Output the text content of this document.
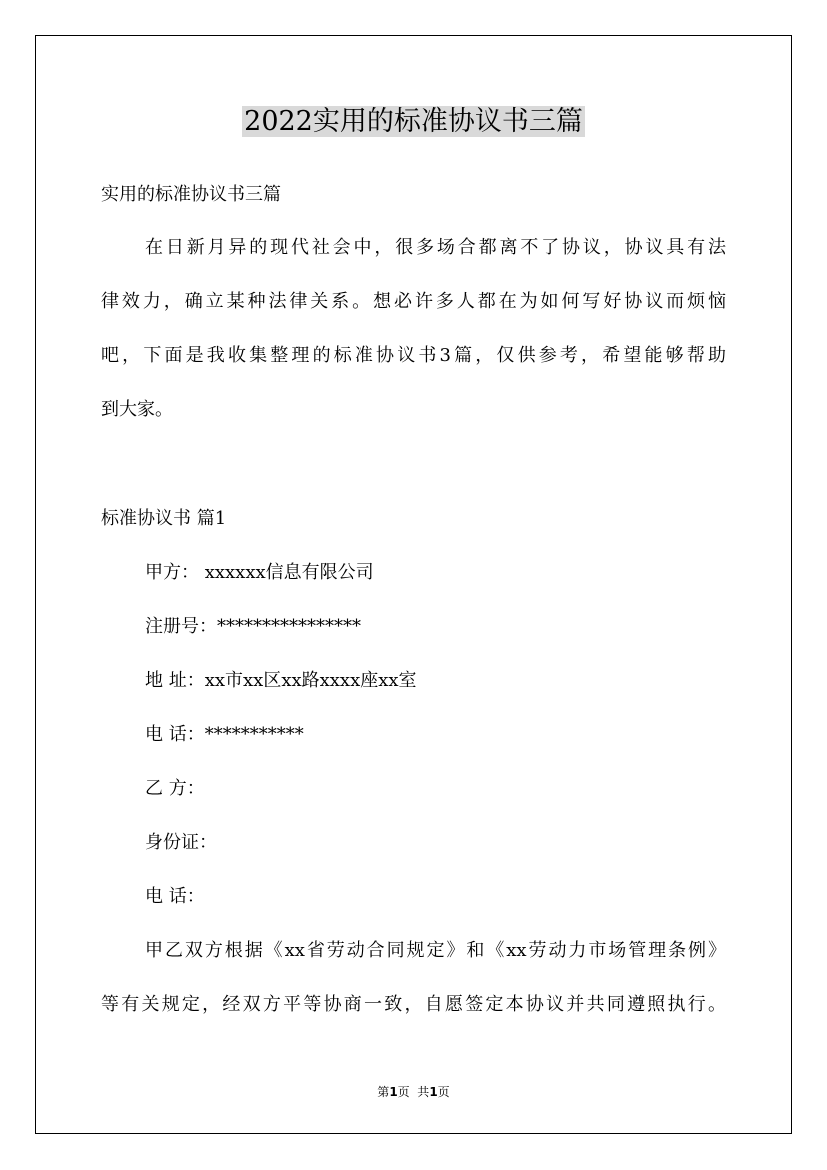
2022实用的标准协议书三篇
实用的标准协议书三篇
在日新月异的现代社会中，很多场合都离不了协议，协议具有法
律效力，确立某种法律关系。想必许多人都在为如何写好协议而烦恼
吧，下面是我收集整理的标准协议书3篇，仅供参考，希望能够帮助
到大家。
标准协议书 篇1
甲方： xxxxxx信息有限公司
注册号：****************
地 址：xx市xx区xx路xxxx座xx室
电 话：***********
乙 方：
身份证：
电 话：
甲乙双方根据《xx省劳动合同规定》和《xx劳动力市场管理条例》
等有关规定，经双方平等协商一致，自愿签定本协议并共同遵照执行。
第1页  共1页
